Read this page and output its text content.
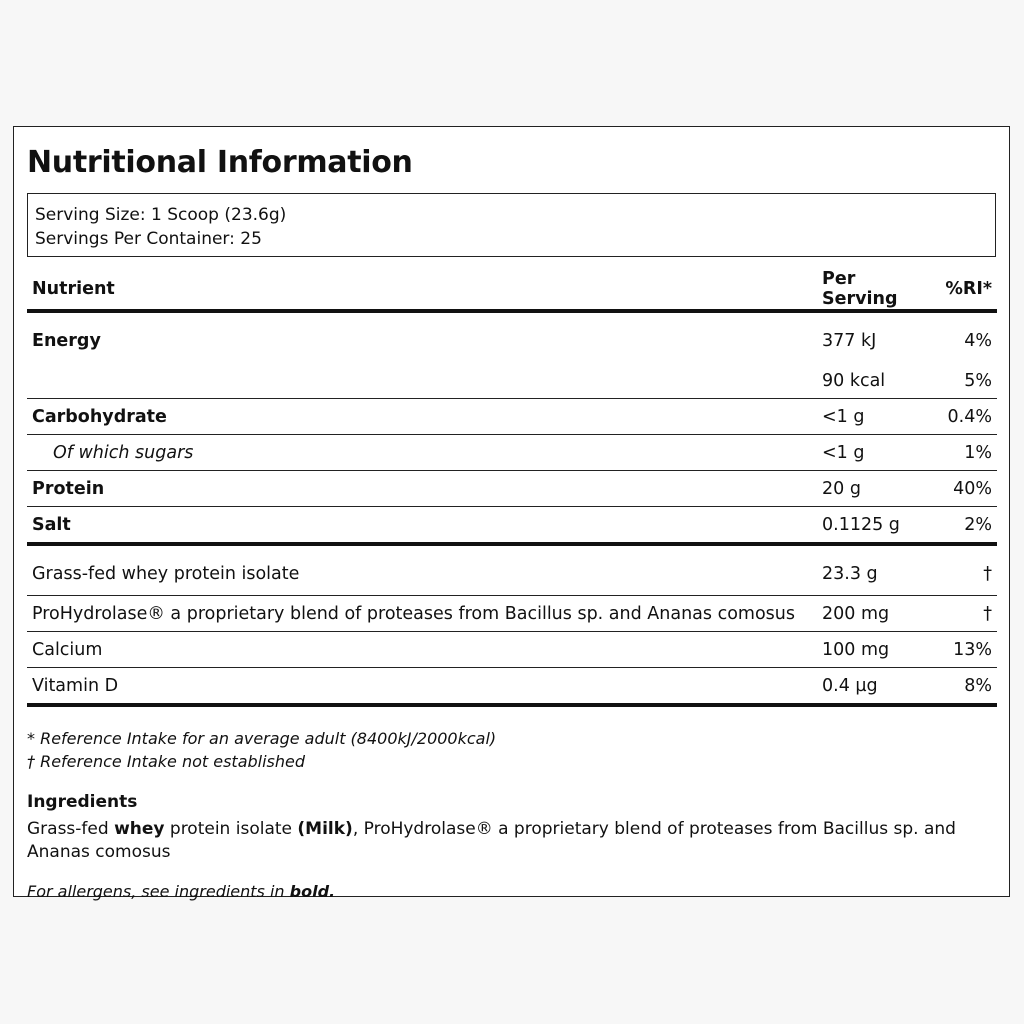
Nutritional Information
Serving Size: 1 Scoop (23.6g)
Servings Per Container: 25
Nutrient	Per Serving	%RI*
Energy	377 kJ	4%
	90 kcal	5%
Carbohydrate	<1 g	0.4%
Of which sugars	<1 g	1%
Protein	20 g	40%
Salt	0.1125 g	2%
Grass-fed whey protein isolate	23.3 g	†
ProHydrolase® a proprietary blend of proteases from Bacillus sp. and Ananas comosus	200 mg	†
Calcium	100 mg	13%
Vitamin D	0.4 µg	8%
* Reference Intake for an average adult (8400kJ/2000kcal)
† Reference Intake not established
Ingredients
Grass-fed whey protein isolate (Milk), ProHydrolase® a proprietary blend of proteases from Bacillus sp. and Ananas comosus
For allergens, see ingredients in bold.
